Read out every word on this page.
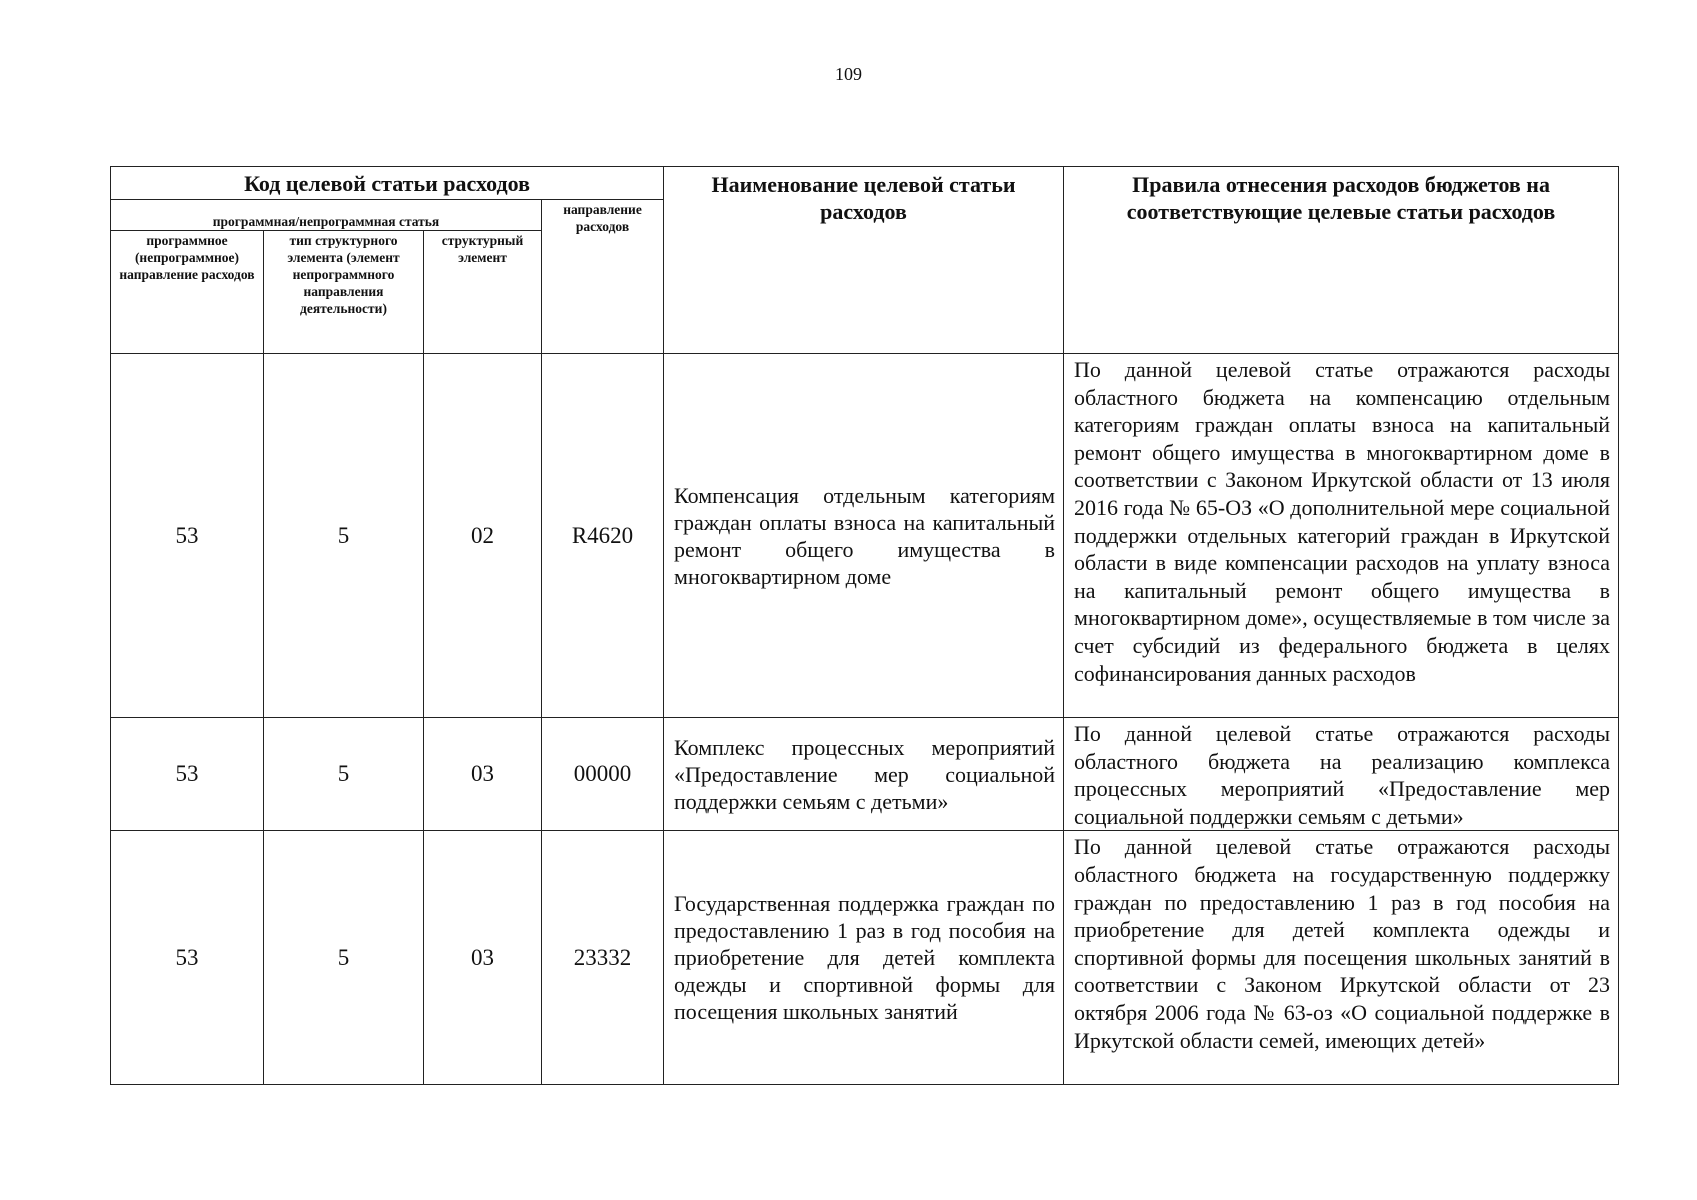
109
Код целевой статьи расходов				Наименование целевой статьи расходов	Правила отнесения расходов бюджетов на соответствующие целевые статьи расходов
программная/непрограммная статья			направление расходов		
программное (непрограммное) направление расходов	тип структурного элемента (элемент непрограммного направления деятельности)	структурный элемент			
53	5	02	R4620	Компенсация отдельным категориям граждан оплаты взноса на капитальный ремонт общего имущества в многоквартирном доме	По данной целевой статье отражаются расходы областного бюджета на компенсацию отдельным категориям граждан оплаты взноса на капитальный ремонт общего имущества в многоквартирном доме в соответствии с Законом Иркутской области от 13 июля 2016 года № 65-ОЗ «О дополнительной мере социальной поддержки отдельных категорий граждан в Иркутской области в виде компенсации расходов на уплату взноса на капитальный ремонт общего имущества в многоквартирном доме», осуществляемые в том числе за счет субсидий из федерального бюджета в целях софинансирования данных расходов
53	5	03	00000	Комплекс процессных мероприятий «Предоставление мер социальной поддержки семьям с детьми»	По данной целевой статье отражаются расходы областного бюджета на реализацию комплекса процессных мероприятий «Предоставление мер социальной поддержки семьям с детьми»
53	5	03	23332	Государственная поддержка граждан по предоставлению 1 раз в год пособия на приобретение для детей комплекта одежды и спортивной формы для посещения школьных занятий	По данной целевой статье отражаются расходы областного бюджета на государственную поддержку граждан по предоставлению 1 раз в год пособия на приобретение для детей комплекта одежды и спортивной формы для посещения школьных занятий в соответствии с Законом Иркутской области от 23 октября 2006 года № 63-оз «О социальной поддержке в Иркутской области семей, имеющих детей»
